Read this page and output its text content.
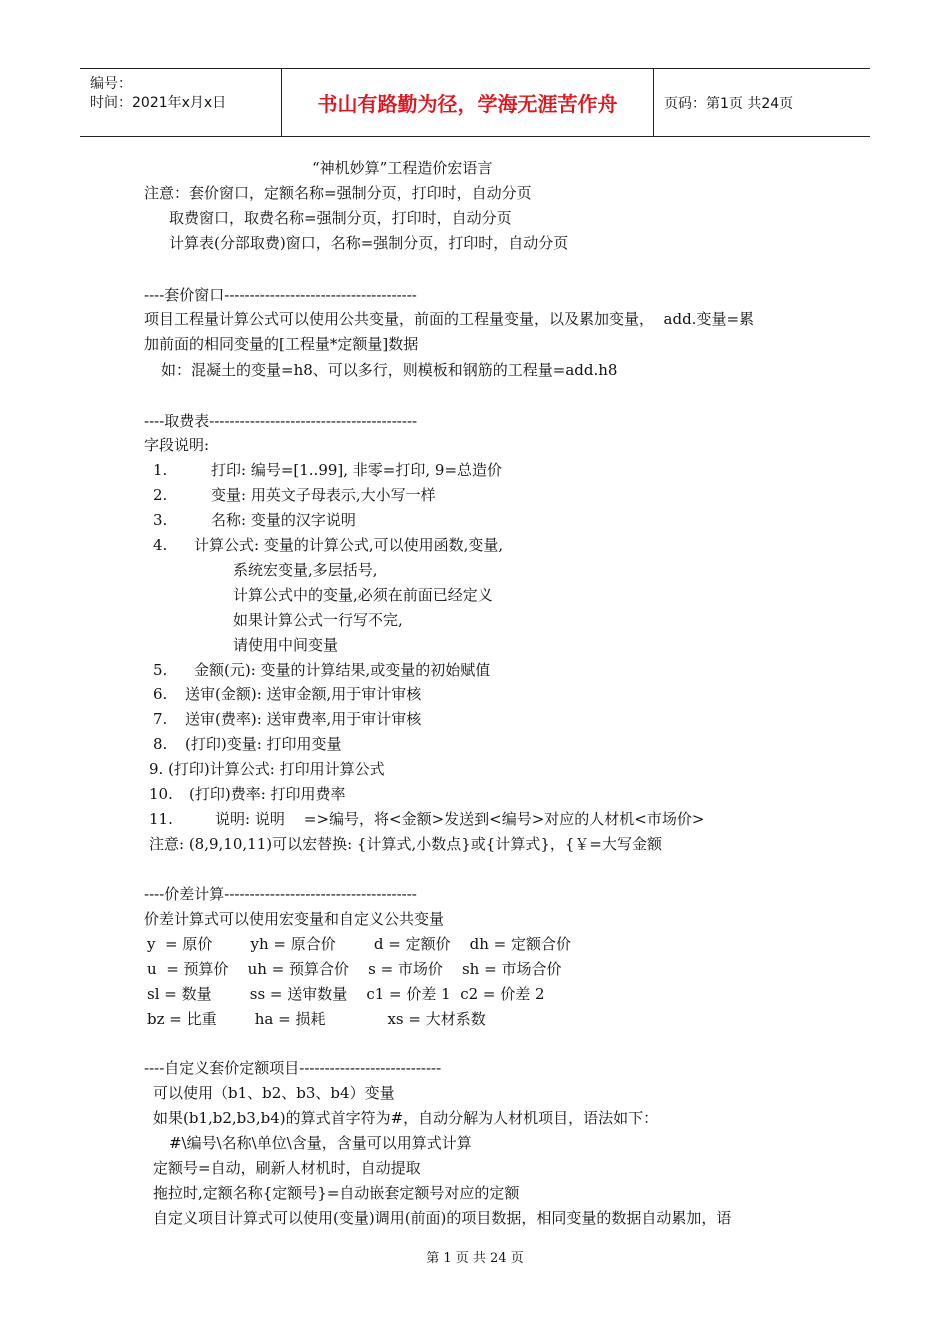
编号：
时间：2021年x月x日	书山有路勤为径，学海无涯苦作舟	页码：第1页 共24页
“神机妙算”工程造价宏语言
注意：套价窗口，定额名称=强制分页，打印时，自动分页
取费窗口，取费名称=强制分页，打印时，自动分页
计算表(分部取费)窗口，名称=强制分页，打印时，自动分页
----套价窗口--------------------------------------
项目工程量计算公式可以使用公共变量，前面的工程量变量，以及累加变量，  add.变量=累
加前面的相同变量的[工程量*定额量]数据
如：混凝土的变量=h8、可以多行，则模板和钢筋的工程量=add.h8
----取费表-----------------------------------------
字段说明:
1.	打印: 编号=[1..99], 非零=打印, 9=总造价
2.	变量: 用英文子母表示,大小写一样
3.	名称: 变量的汉字说明
4. 计算公式: 变量的计算公式,可以使用函数,变量,
系统宏变量,多层括号,
计算公式中的变量,必须在前面已经定义
如果计算公式一行写不完,
请使用中间变量
5. 金额(元): 变量的计算结果,或变量的初始赋值
6. 送审(金额): 送审金额,用于审计审核
7. 送审(费率): 送审费率,用于审计审核
8. (打印)变量: 打印用变量
9. (打印)计算公式: 打印用计算公式
10. (打印)费率: 打印用费率
11.	说明: 说明    =>编号，将<金额>发送到<编号>对应的人材机<市场价>
注意: (8,9,10,11)可以宏替换: {计算式,小数点}或{计算式}，{￥=大写金额
----价差计算--------------------------------------
价差计算式可以使用宏变量和自定义公共变量
y  = 原价        yh = 原合价        d = 定额价    dh = 定额合价
u  = 预算价    uh = 预算合价    s = 市场价    sh = 市场合价
sl = 数量        ss = 送审数量    c1 = 价差 1  c2 = 价差 2
bz = 比重        ha = 损耗             xs = 大材系数
----自定义套价定额项目----------------------------
可以使用（b1、b2、b3、b4）变量
如果(b1,b2,b3,b4)的算式首字符为#，自动分解为人材机项目，语法如下：
#\编号\名称\单位\含量，含量可以用算式计算
定额号=自动，刷新人材机时，自动提取
拖拉时,定额名称{定额号}=自动嵌套定额号对应的定额
自定义项目计算式可以使用(变量)调用(前面)的项目数据，相同变量的数据自动累加，语
第 1 页 共 24 页
